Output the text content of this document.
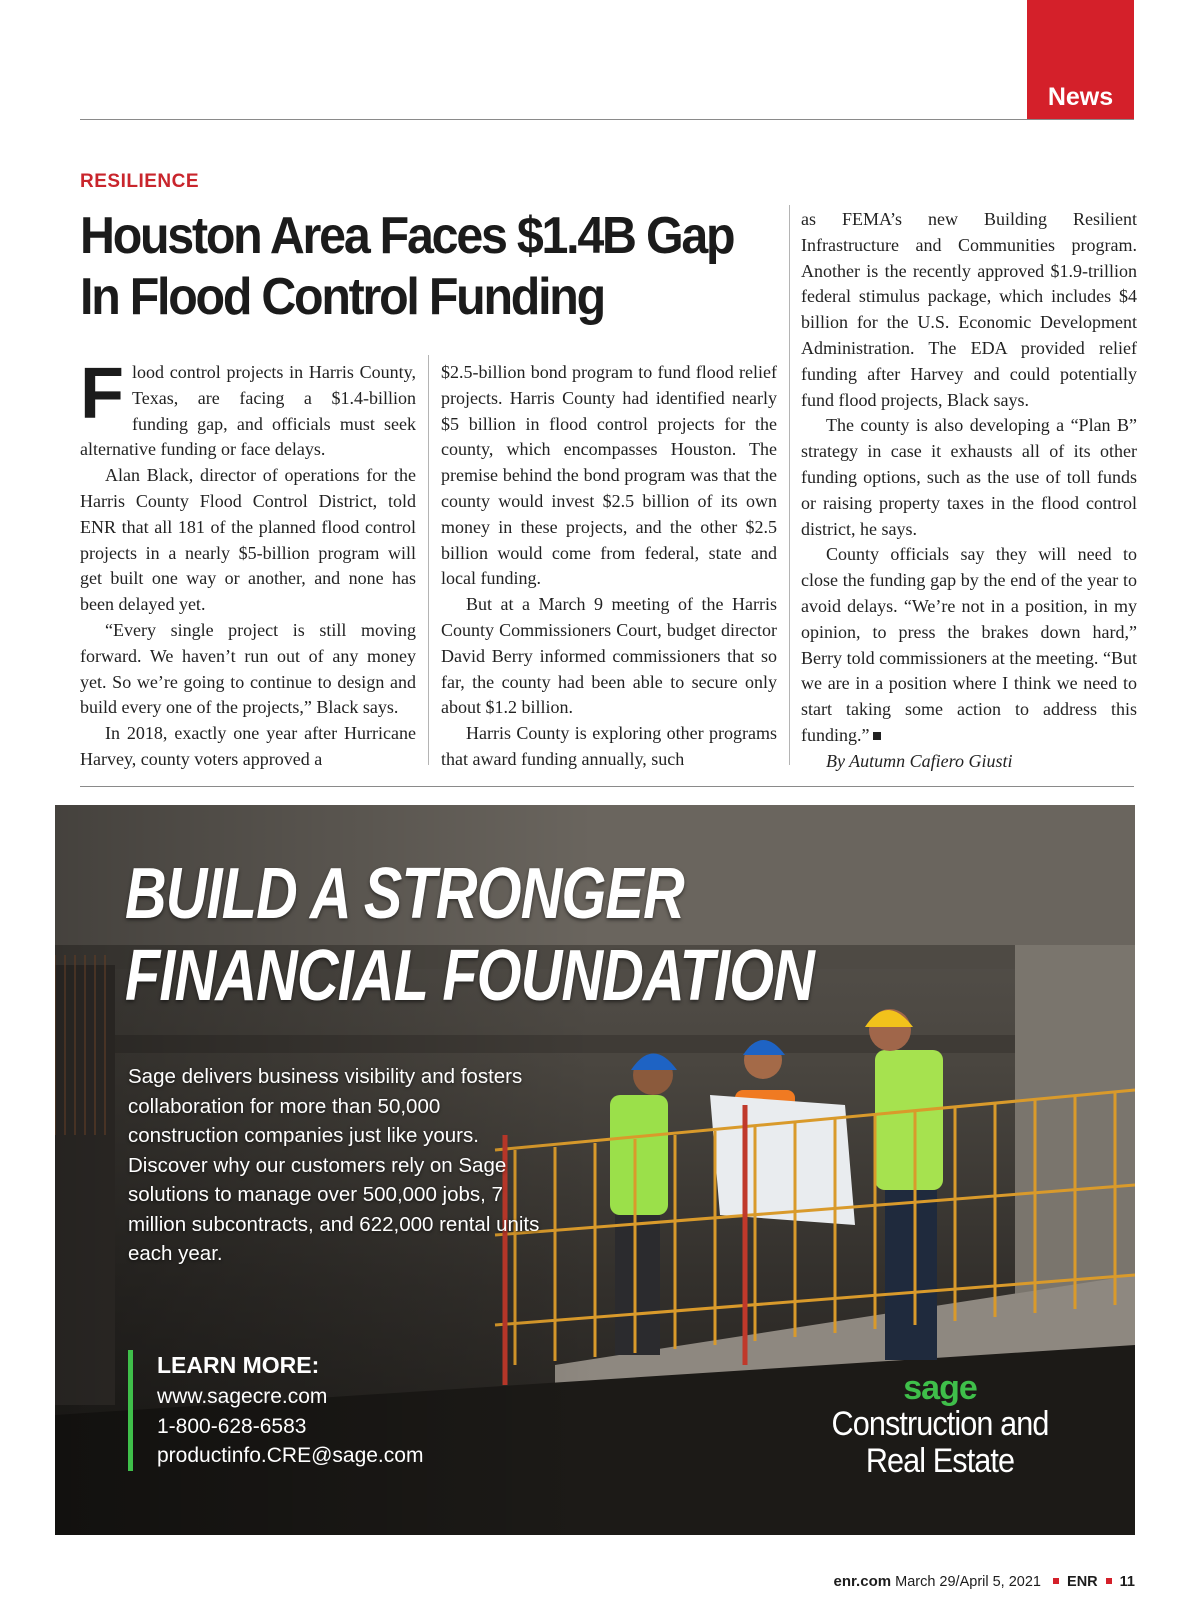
News
RESILIENCE
Houston Area Faces $1.4B Gap
In Flood Control Funding

Flood control projects in Harris County, Texas, are facing a $1.4-billion funding gap, and officials must seek alternative funding or face delays.

Alan Black, director of operations for the Harris County Flood Control District, told ENR that all 181 of the planned flood control projects in a nearly $5-billion program will get built one way or another, and none has been delayed yet.

“Every single project is still moving forward. We haven’t run out of any money yet. So we’re going to continue to design and build every one of the projects,” Black says.

In 2018, exactly one year after Hurricane Harvey, county voters approved a

$2.5-billion bond program to fund flood relief projects. Harris County had identified nearly $5 billion in flood control projects for the county, which encompasses Houston. The premise behind the bond program was that the county would invest $2.5 billion of its own money in these projects, and the other $2.5 billion would come from federal, state and local funding.

But at a March 9 meeting of the Harris County Commissioners Court, budget director David Berry informed commissioners that so far, the county had been able to secure only about $1.2 billion.

Harris County is exploring other programs that award funding annually, such

as FEMA’s new Building Resilient Infrastructure and Communities program. Another is the recently approved $1.9-trillion federal stimulus package, which includes $4 billion for the U.S. Economic Development Administration. The EDA provided relief funding after Harvey and could potentially fund flood projects, Black says.

The county is also developing a “Plan B” strategy in case it exhausts all of its other funding options, such as the use of toll funds or raising property taxes in the flood control district, he says.

County officials say they will need to close the funding gap by the end of the year to avoid delays. “We’re not in a position, in my opinion, to press the brakes down hard,” Berry told commissioners at the meeting. “But we are in a position where I think we need to start taking some action to address this funding.”

By Autumn Cafiero Giusti

BUILD A STRONGER
FINANCIAL FOUNDATION
Sage delivers business visibility and fosters collaboration for more than 50,000 construction companies just like yours. Discover why our customers rely on Sage solutions to manage over 500,000 jobs, 7 million subcontracts, and 622,000 rental units each year.
LEARN MORE:
www.sagecre.com
1-800-628-6583
productinfo.CRE@sage.com
sage
Construction and
Real Estate
enr.com March 29/April 5, 2021 ENR 11
